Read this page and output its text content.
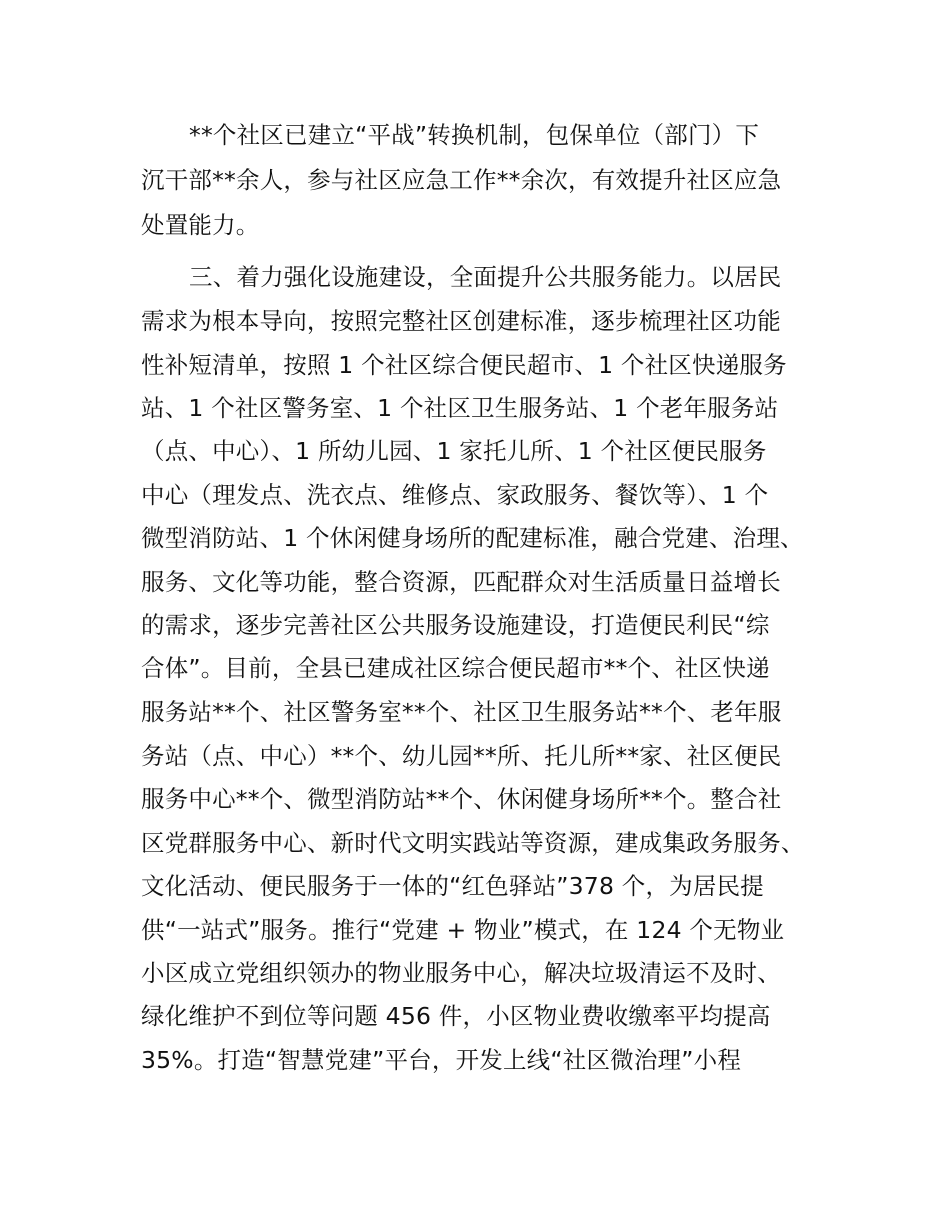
**个社区已建立“平战”转换机制，包保单位（部门）下
沉干部**余人，参与社区应急工作**余次，有效提升社区应急
处置能力。
三、着力强化设施建设，全面提升公共服务能力。以居民
需求为根本导向，按照完整社区创建标准，逐步梳理社区功能
性补短清单，按照 1 个社区综合便民超市、1 个社区快递服务
站、1 个社区警务室、1 个社区卫生服务站、1 个老年服务站
（点、中心）、1 所幼儿园、1 家托儿所、1 个社区便民服务
中心（理发点、洗衣点、维修点、家政服务、餐饮等）、1 个
微型消防站、1 个休闲健身场所的配建标准，融合党建、治理、
服务、文化等功能，整合资源，匹配群众对生活质量日益增长
的需求，逐步完善社区公共服务设施建设，打造便民利民“综
合体”。目前，全县已建成社区综合便民超市**个、社区快递
服务站**个、社区警务室**个、社区卫生服务站**个、老年服
务站（点、中心）**个、幼儿园**所、托儿所**家、社区便民
服务中心**个、微型消防站**个、休闲健身场所**个。整合社
区党群服务中心、新时代文明实践站等资源，建成集政务服务、
文化活动、便民服务于一体的“红色驿站”378 个，为居民提
供“一站式”服务。推行“党建 + 物业”模式，在 124 个无物业
小区成立党组织领办的物业服务中心，解决垃圾清运不及时、
绿化维护不到位等问题 456 件，小区物业费收缴率平均提高
35%。打造“智慧党建”平台，开发上线“社区微治理”小程
